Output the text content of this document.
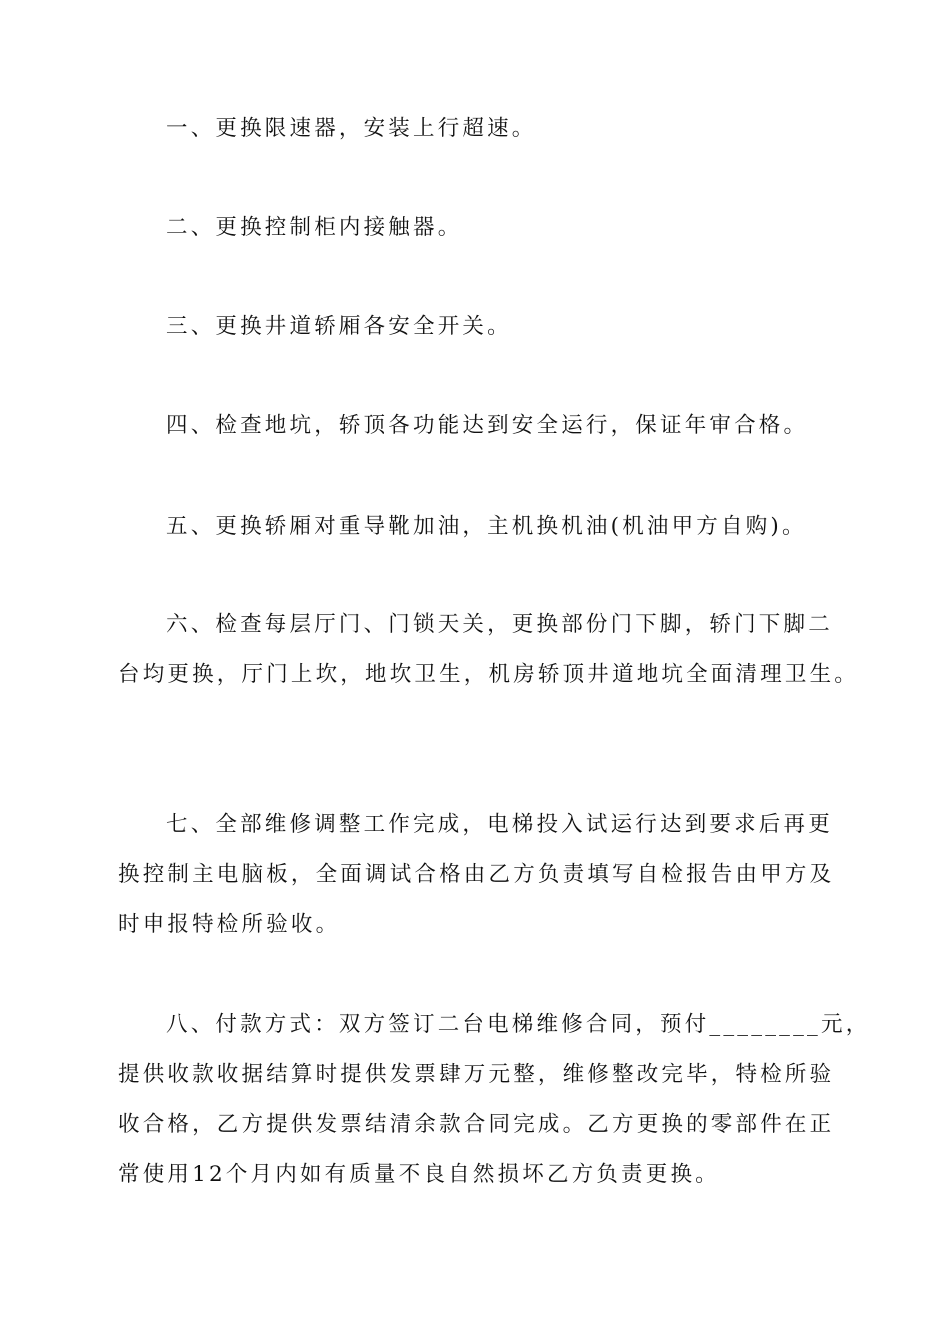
一、更换限速器，安装上行超速。
二、更换控制柜内接触器。
三、更换井道轿厢各安全开关。
四、检查地坑，轿顶各功能达到安全运行，保证年审合格。
五、更换轿厢对重导靴加油，主机换机油(机油甲方自购)。
六、检查每层厅门、门锁天关，更换部份门下脚，轿门下脚二
台均更换，厅门上坎，地坎卫生，机房轿顶井道地坑全面清理卫生。
七、全部维修调整工作完成，电梯投入试运行达到要求后再更
换控制主电脑板，全面调试合格由乙方负责填写自检报告由甲方及
时申报特检所验收。
八、付款方式：双方签订二台电梯维修合同，预付________元，
提供收款收据结算时提供发票肆万元整，维修整改完毕，特检所验
收合格，乙方提供发票结清余款合同完成。乙方更换的零部件在正
常使用12个月内如有质量不良自然损坏乙方负责更换。
